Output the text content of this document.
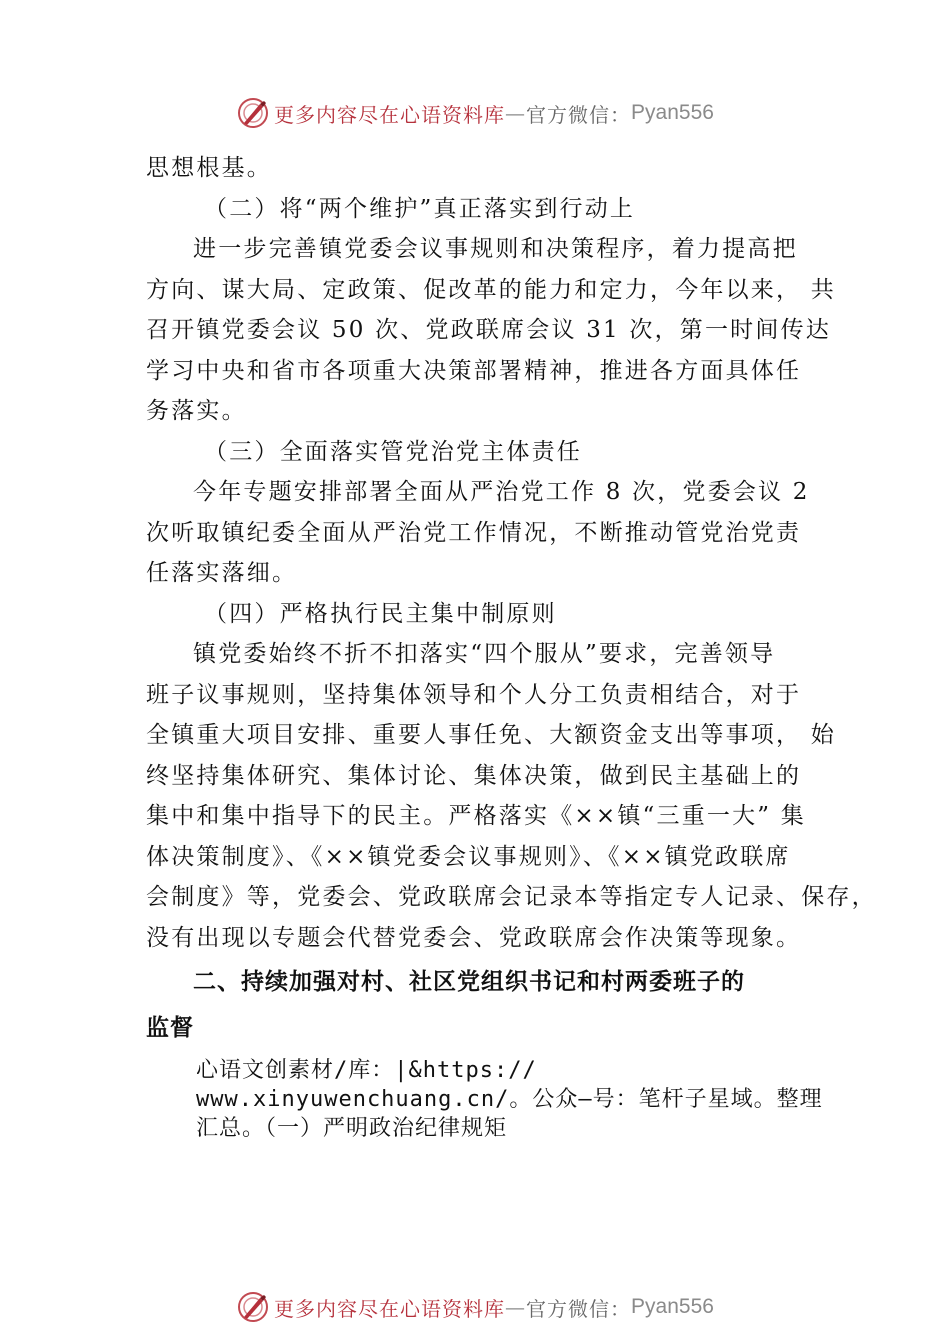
更多内容尽在心语资料库 — 官方微信： Pyan556
思想根基。
（二）将“两个维护”真正落实到行动上
进一步完善镇党委会议事规则和决策程序，着力提高把
方向、谋大局、定政策、促改革的能力和定力，今年以来， 共
召开镇党委会议 50 次、党政联席会议 31 次，第一时间传达
学习中央和省市各项重大决策部署精神，推进各方面具体任
务落实。
（三）全面落实管党治党主体责任
今年专题安排部署全面从严治党工作 8 次，党委会议 2
次听取镇纪委全面从严治党工作情况，不断推动管党治党责
任落实落细。
（四）严格执行民主集中制原则
镇党委始终不折不扣落实“四个服从”要求，完善领导
班子议事规则，坚持集体领导和个人分工负责相结合，对于
全镇重大项目安排、重要人事任免、大额资金支出等事项， 始
终坚持集体研究、集体讨论、集体决策，做到民主基础上的
集中和集中指导下的民主。严格落实《××镇“三重一大” 集
体决策制度》、《××镇党委会议事规则》、《××镇党政联席
会制度》等，党委会、党政联席会记录本等指定专人记录、保存，
没有出现以专题会代替党委会、党政联席会作决策等现象。
二、持续加强对村、社区党组织书记和村两委班子的
监督
心语文创素材/库：|&https://
www.xinyuwenchuang.cn/。公众—号：笔杆子星域。整理
汇总。（一）严明政治纪律规矩
更多内容尽在心语资料库 — 官方微信： Pyan556
